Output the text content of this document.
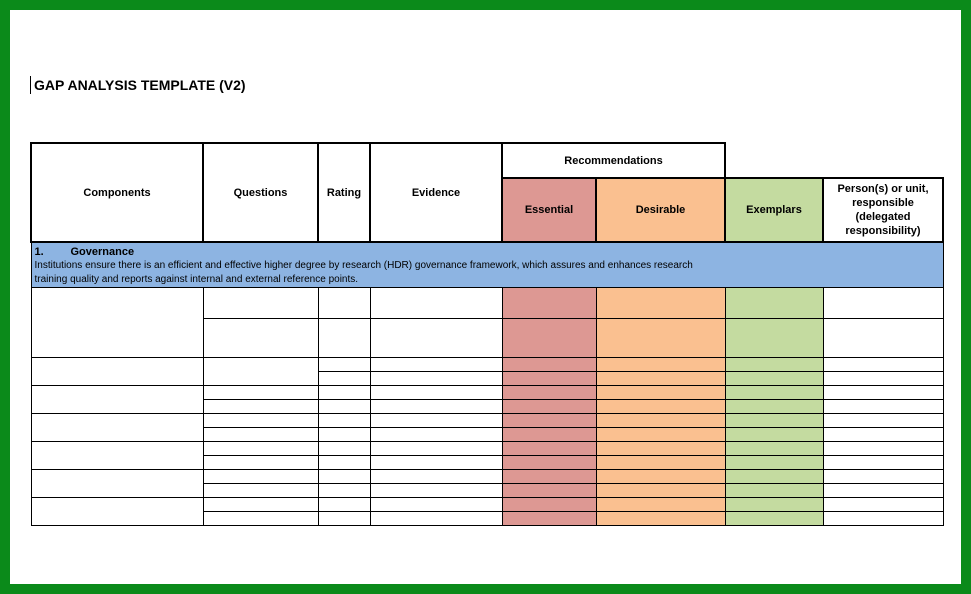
GAP ANALYSIS TEMPLATE (V2)
Components	Questions	Rating	Evidence	Recommendations			
				Essential	Desirable	Exemplars	Person(s) or unit, responsible (delegated responsibility)

1. Governance
Institutions ensure there is an efficient and effective higher degree by research (HDR) governance framework, which assures and enhances research
training quality and reports against internal and external reference points.							
